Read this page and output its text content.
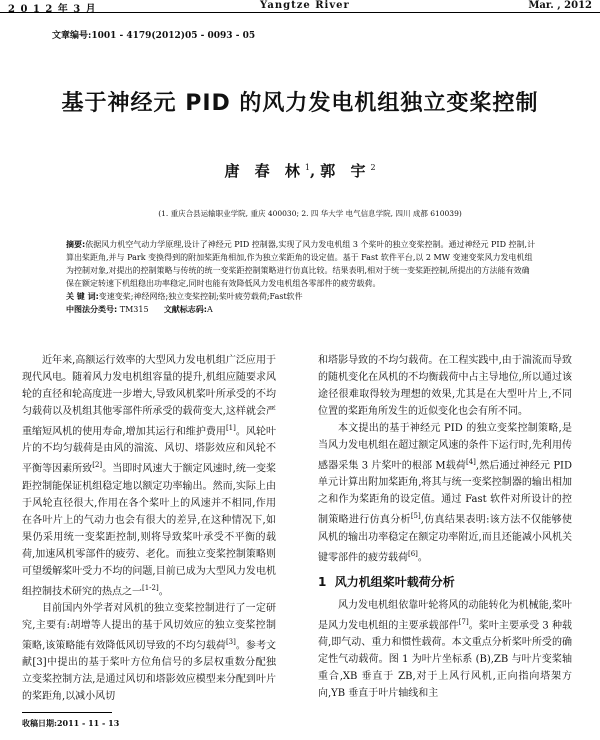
2 0 1 2 年 3 月	Yangtze River	Mar. , 2012
文章编号:1001 - 4179(2012)05 - 0093 - 05
基于神经元 PID 的风力发电机组独立变桨控制
唐 春 林$^1$,郭 宇$^2$
(1. 重庆合县运输职业学院, 重庆 400030; 2. 四 华大学 电气信息学院, 四川 成都 610039)
摘要:依据风力机空气动力学原理,设计了神经元 PID 控制器,实现了风力发电机组 3 个桨叶的独立变桨控制。通过神经元 PID 控制,计算出桨距角,并与 Park 变换得到的附加桨距角相加,作为独立桨距角的设定值。基于 Fast 软件平台,以 2 MW 变速变桨风力发电机组为控制对象,对提出的控制策略与传统的统一变桨距控制策略进行仿真比较。结果表明,相对于统一变桨距控制,所提出的方法能有效确保在额定转速下机组稳出功率稳定,同时也能有效降低风力发电机组各零部件的疲劳载荷。
关 键 词:变速变桨;神经网络;独立变桨控制;桨叶疲劳载荷;Fast软件
中图法分类号: TM315 文献标志码:A

近年来,高额运行效率的大型风力发电机组广泛应用于现代风电。随着风力发电机组容量的提升,机组应随要求风轮的直径和轮高度进一步增大,导致风机桨叶所承受的不均匀载荷以及机组其他零部件所承受的载荷变大,这样就会严重缩短风机的使用寿命,增加其运行和维护费用[1]。风轮叶片的不均匀载荷是由风的湍流、风切、塔影效应和风轮不平衡等因素所致[2]。当即时风速大于额定风速时,统一变桨距控制能保证机组稳定地以额定功率输出。然而,实际上由于风轮直径很大,作用在各个桨叶上的风速并不相同,作用在各叶片上的气动力也会有很大的差异,在这种情况下,如果仍采用统一变桨距控制,则将导致桨叶承受不平衡的载荷,加速风机零部件的疲劳、老化。而独立变桨控制策略则可望缓解桨叶受力不均的问题,目前已成为大型风力发电机组控制技术研究的热点之一[1-2]。

目前国内外学者对风机的独立变桨控制进行了一定研究,主要有:胡增等人提出的基于风切效应的独立变桨控制策略,该策略能有效降低风切导致的不均匀载荷[3]。参考文献[3]中提出的基于桨叶方位角信号的多层权重数分配独立变桨控制方法,是通过风切和塔影效应模型来分配到叶片的桨距角,以减小风切

和塔影导致的不均匀载荷。在工程实践中,由于湍流而导致的随机变化在风机的不均衡载荷中占主导地位,所以通过该途径很难取得较为理想的效果,尤其是在大型叶片上,不同位置的桨距角所发生的近似变化也会有所不同。

本文提出的基于神经元 PID 的独立变桨控制策略,是当风力发电机组在超过额定风速的条件下运行时,先利用传感器采集 3 片桨叶的根部 M载荷[4],然后通过神经元 PID 单元计算出附加桨距角,将其与统一变桨控制器的输出相加之和作为桨距角的设定值。通过 Fast 软件对所设计的控制策略进行仿真分析[5],仿真结果表明:该方法不仅能够使风机的输出功率稳定在额定功率附近,而且还能减小风机关键零部件的疲劳载荷[6]。

1 风力机组桨叶载荷分析

风力发电机组依靠叶轮将风的动能转化为机械能,桨叶是风力发电机组的主要承载部件[7]。桨叶主要承受 3 种载荷,即气动、重力和惯性载荷。本文重点分析桨叶所受的确定性气动载荷。图 1 为叶片坐标系 (B),ZB 与叶片变桨轴重合,XB 垂直于 ZB,对于上风行风机,正向指向塔架方向,YB 垂直于叶片轴线和主

收稿日期:2011 - 11 - 13
